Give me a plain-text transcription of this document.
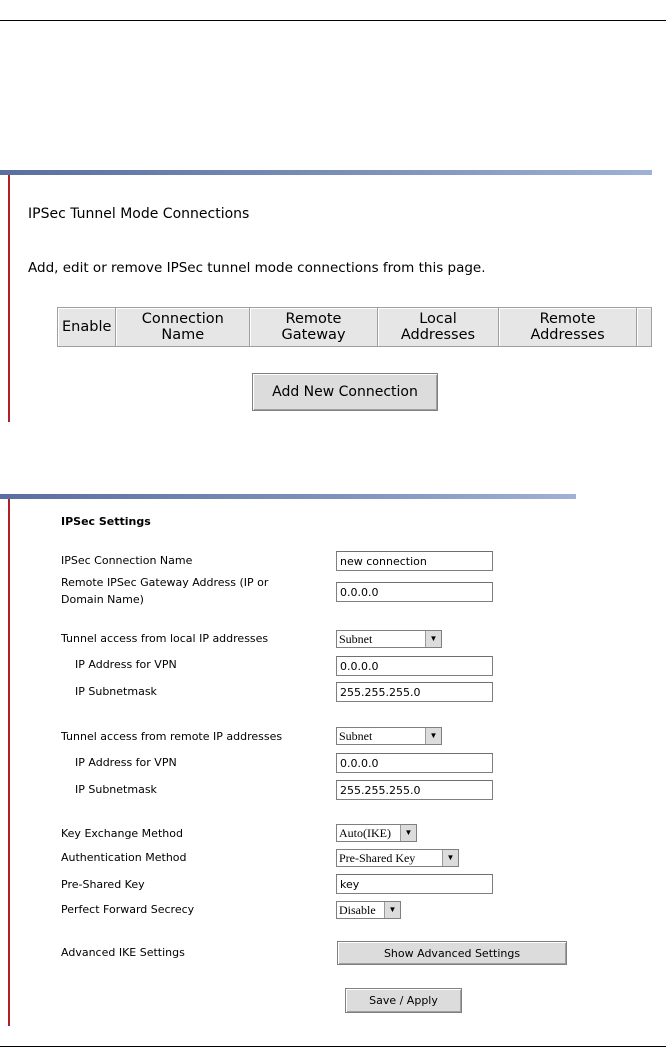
IPSec Tunnel Mode Connections
Add, edit or remove IPSec tunnel mode connections from this page.
Enable	Connection Name	Remote Gateway	Local Addresses	Remote Addresses	
Add New Connection
IPSec Settings
IPSec Connection Name	new connection
Remote IPSec Gateway Address (IP or
Domain Name)
0.0.0.0
Tunnel access from local IP addresses	Subnet	▼
IP Address for VPN	0.0.0.0
IP Subnetmask	255.255.255.0
Tunnel access from remote IP addresses	Subnet	▼
IP Address for VPN	0.0.0.0
IP Subnetmask	255.255.255.0
Key Exchange Method	Auto(IKE)	▼
Authentication Method	Pre-Shared Key	▼
Pre-Shared Key	key
Perfect Forward Secrecy	Disable	▼
Advanced IKE Settings	Show Advanced Settings
Save / Apply
